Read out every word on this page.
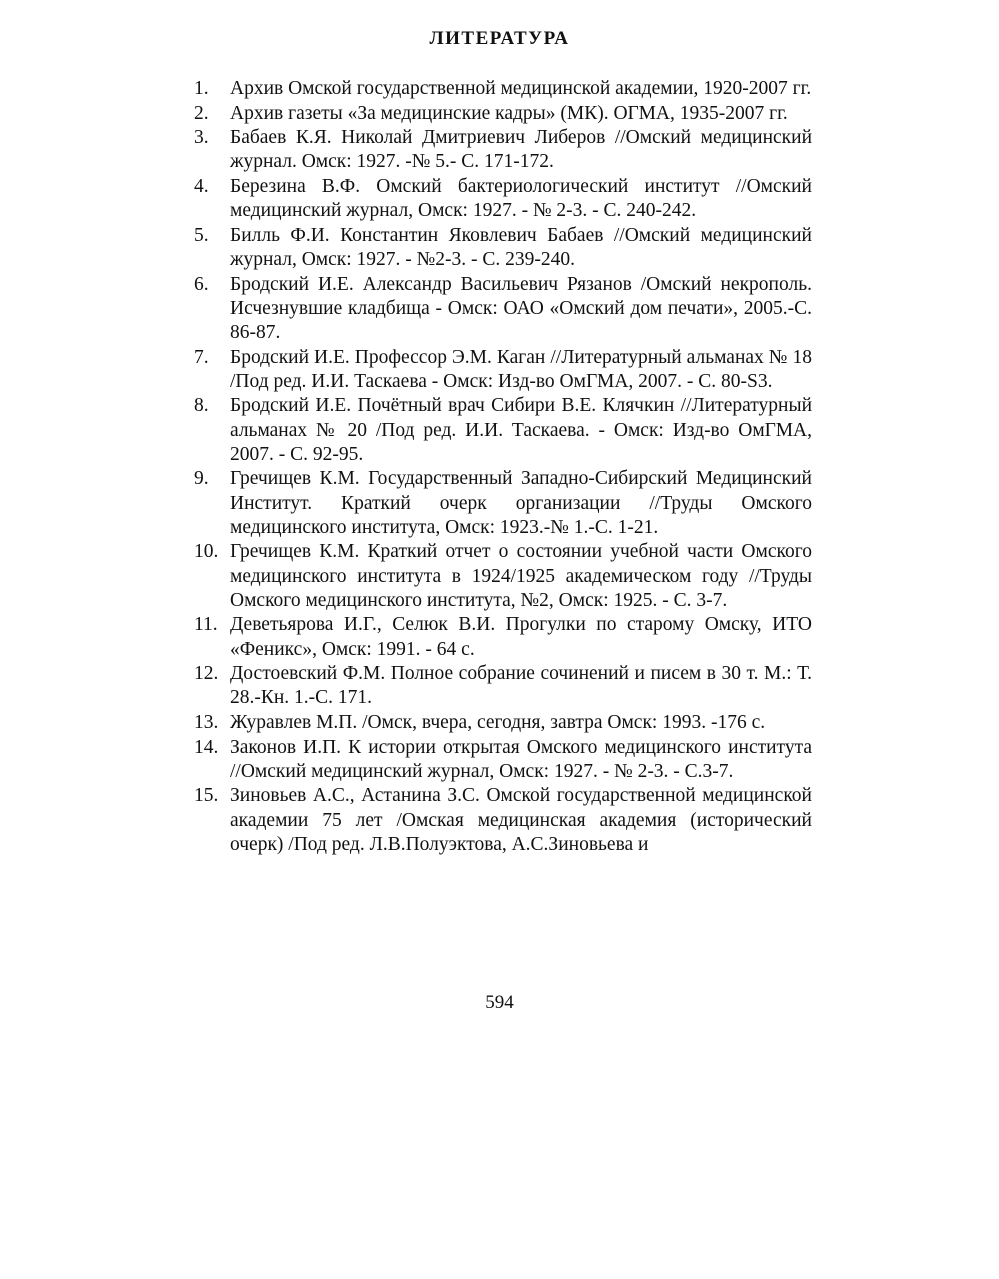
ЛИТЕРАТУРА
1.	Архив Омской государственной медицинской академии, 1920-2007 гг.
2.	Архив газеты «За медицинские кадры» (МК). ОГМА, 1935-2007 гг.
3.	Бабаев К.Я. Николай Дмитриевич Либеров //Омский медицинский журнал. Омск: 1927. -№ 5.- С. 171-172.
4.	Березина В.Ф. Омский бактериологический институт //Омский медицинский журнал, Омск: 1927. - № 2-3. - С. 240-242.
5.	Билль Ф.И. Константин Яковлевич Бабаев //Омский медицинский журнал, Омск: 1927. - №2-3. - С. 239-240.
6.	Бродский И.Е. Александр Васильевич Рязанов /Омский некрополь. Исчезнувшие кладбища - Омск: ОАО «Омский дом печати», 2005.-С. 86-87.
7.	Бродский И.Е. Профессор Э.М. Каган //Литературный альманах № 18 /Под ред. И.И. Таскаева - Омск: Изд-во ОмГМА, 2007. - С. 80-S3.
8.	Бродский И.Е. Почётный врач Сибири В.Е. Клячкин //Литературный альманах № 20 /Под ред. И.И. Таскаева. - Омск: Изд-во ОмГМА, 2007. - С. 92-95.
9.	Гречищев К.М. Государственный Западно-Сибирский Медицинский Институт. Краткий очерк организации //Труды Омского медицинского института, Омск: 1923.-№ 1.-С. 1-21.
10. Гречищев К.М. Краткий отчет о состоянии учебной части Омского медицинского института в 1924/1925 академическом году //Труды Омского медицинского института, №2, Омск: 1925. - С. 3-7.
11. Деветьярова И.Г., Селюк В.И. Прогулки по старому Омску, ИТО «Феникс», Омск: 1991. - 64 с.
12. Достоевский Ф.М. Полное собрание сочинений и писем в 30 т. М.: Т. 28.-Кн. 1.-С. 171.
13. Журавлев М.П. /Омск, вчера, сегодня, завтра Омск: 1993. -176 с.
14. Законов И.П. К истории открытая Омского медицинского института //Омский медицинский журнал, Омск: 1927. - № 2-3. - С.3-7.
15. Зиновьев А.С., Астанина З.С. Омской государственной медицинской академии 75 лет /Омская медицинская академия (исторический очерк) /Под ред. Л.В.Полуэктова, А.С.Зиновьева и
594
